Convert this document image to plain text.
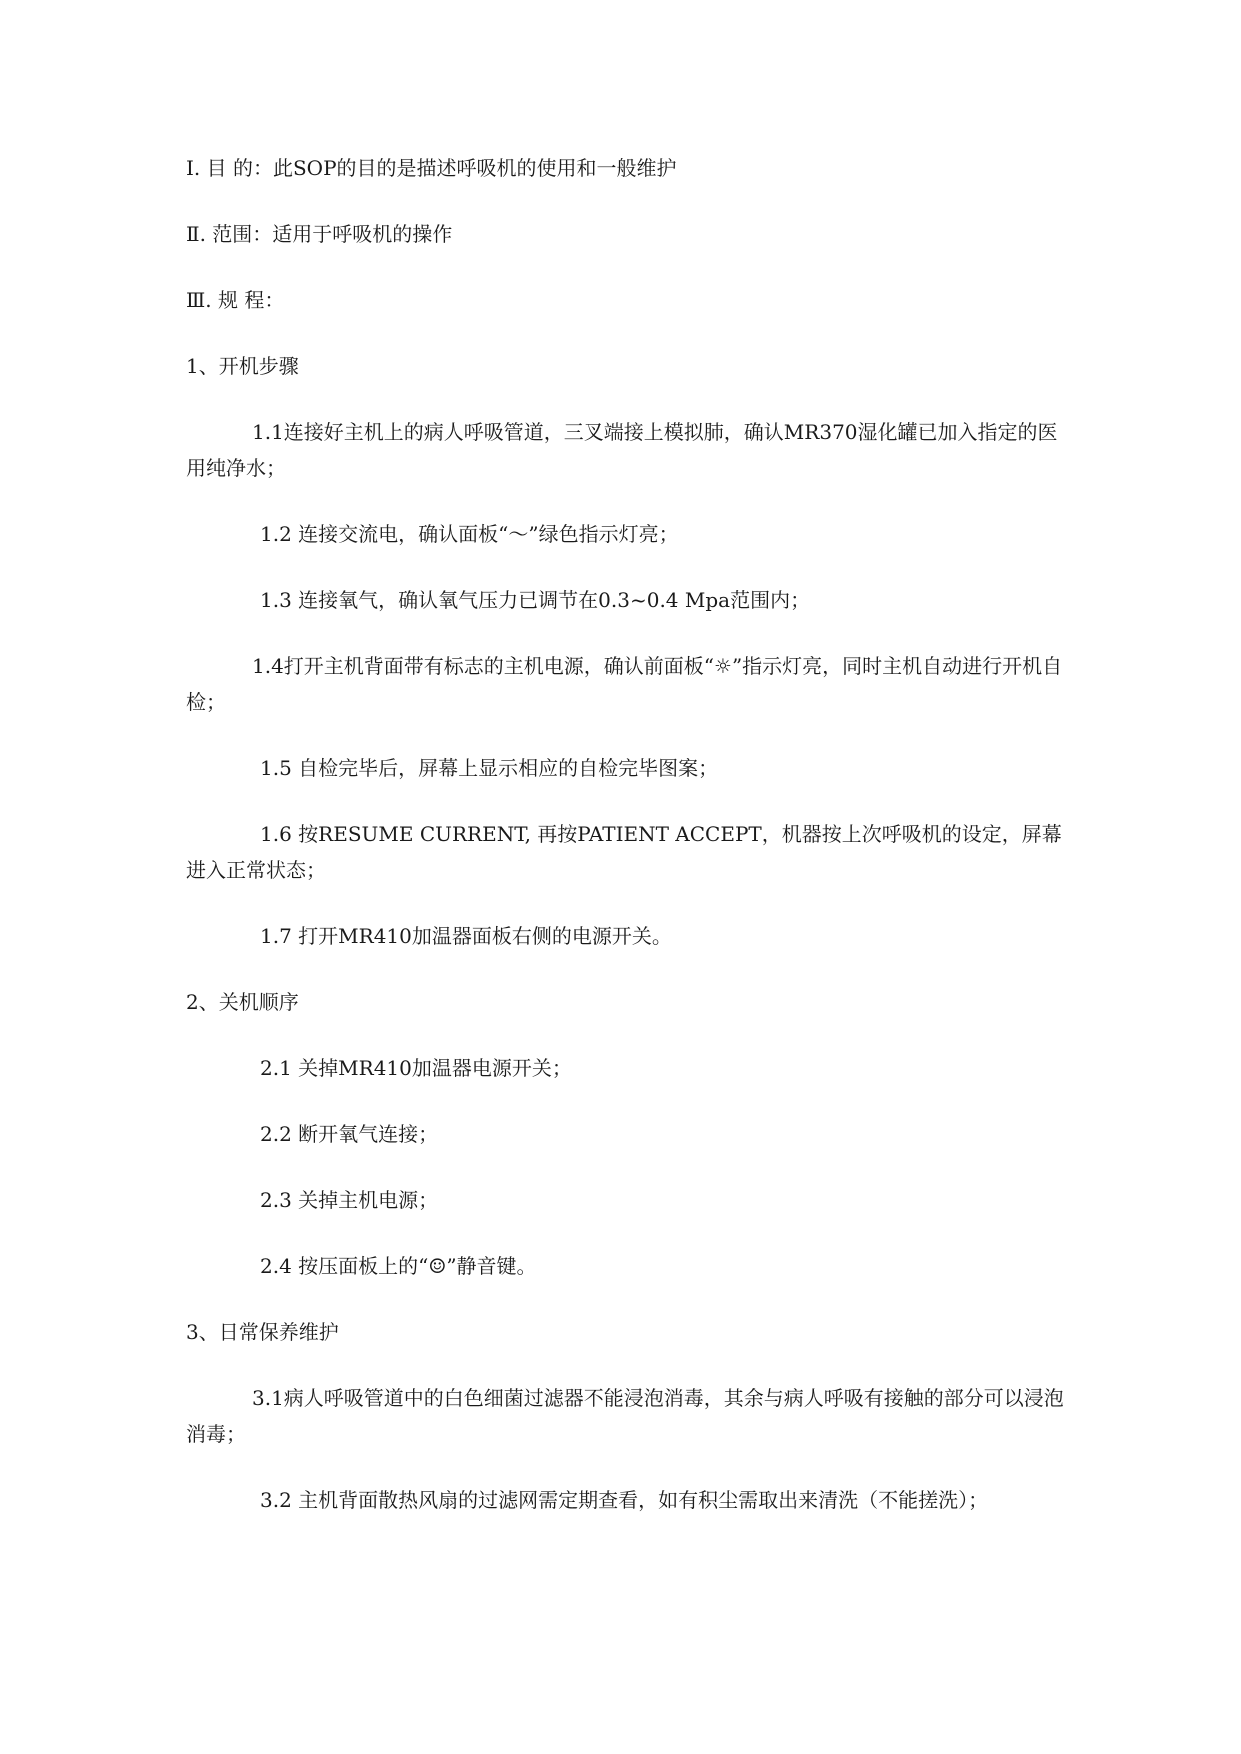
Ⅰ. 目 的：此SOP的目的是描述呼吸机的使用和一般维护
Ⅱ. 范围：适用于呼吸机的操作
Ⅲ. 规 程：
1、开机步骤
1.1连接好主机上的病人呼吸管道，三叉端接上模拟肺，确认MR370湿化罐已加入指定的医用纯净水；
1.2 连接交流电，确认面板“～”绿色指示灯亮；
1.3 连接氧气，确认氧气压力已调节在0.3~0.4 Mpa范围内；
1.4打开主机背面带有标志的主机电源，确认前面板“☼”指示灯亮，同时主机自动进行开机自检；
1.5 自检完毕后，屏幕上显示相应的自检完毕图案；
1.6 按RESUME CURRENT, 再按PATIENT ACCEPT，机器按上次呼吸机的设定，屏幕进入正常状态；
1.7 打开MR410加温器面板右侧的电源开关。
2、关机顺序
2.1 关掉MR410加温器电源开关；
2.2 断开氧气连接；
2.3 关掉主机电源；
2.4 按压面板上的“☺”静音键。
3、日常保养维护
3.1病人呼吸管道中的白色细菌过滤器不能浸泡消毒，其余与病人呼吸有接触的部分可以浸泡消毒；
3.2 主机背面散热风扇的过滤网需定期查看，如有积尘需取出来清洗（不能搓洗）；
